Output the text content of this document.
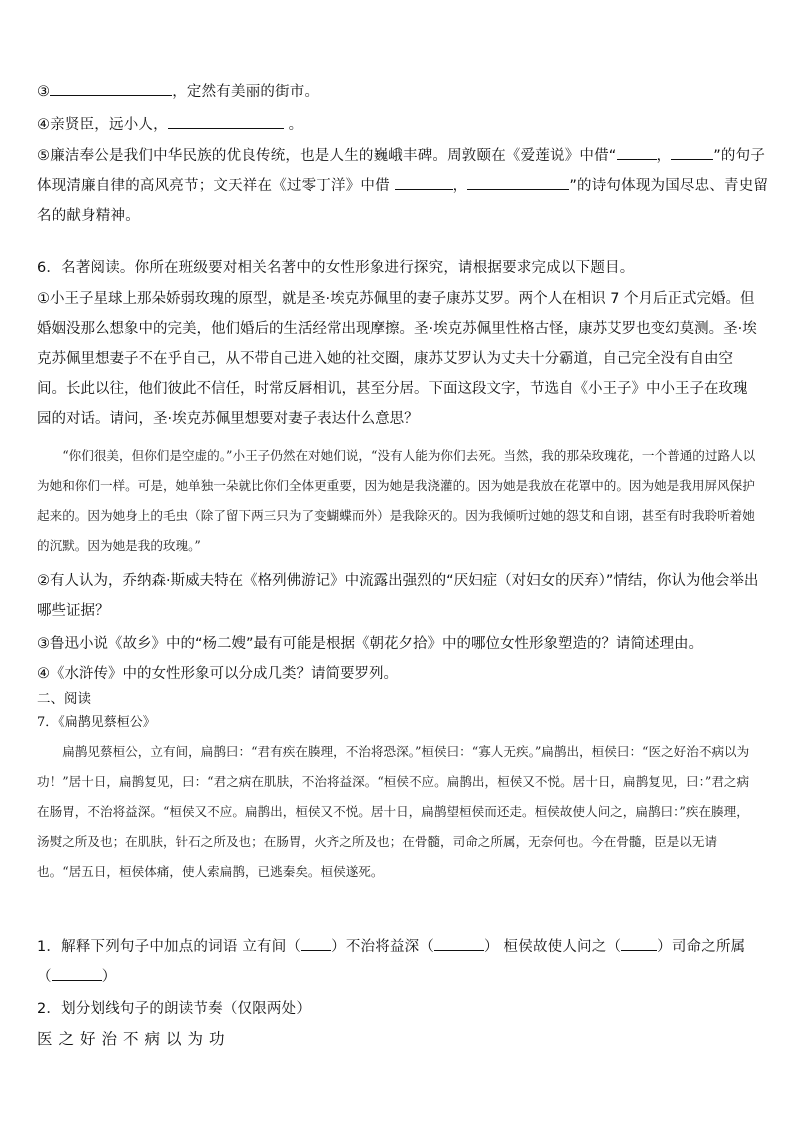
③	，定然有美丽的街市。
④亲贤臣，远小人，	。
⑤廉洁奉公是我们中华民族的优良传统，也是人生的巍峨丰碑。周敦颐在《爱莲说》中借“	，	”的句子
体现清廉自律的高风亮节；文天祥在《过零丁洋》中借	，	”的诗句体现为国尽忠、青史留
名的献身精神。
6．名著阅读。你所在班级要对相关名著中的女性形象进行探究，请根据要求完成以下题目。
①小王子星球上那朵娇弱玫瑰的原型，就是圣·埃克苏佩里的妻子康苏艾罗。两个人在相识 7 个月后正式完婚。但婚姻没那么想象中的完美，他们婚后的生活经常出现摩擦。圣·埃克苏佩里性格古怪，康苏艾罗也变幻莫测。圣·埃克苏佩里想妻子不在乎自己，从不带自己进入她的社交圈，康苏艾罗认为丈夫十分霸道，自己完全没有自由空间。长此以往，他们彼此不信任，时常反唇相讥，甚至分居。下面这段文字，节选自《小王子》中小王子在玫瑰园的对话。请问，圣·埃克苏佩里想要对妻子表达什么意思？
“你们很美，但你们是空虚的。”小王子仍然在对她们说，“没有人能为你们去死。当然，我的那朵玫瑰花，一个普通的过路人以为她和你们一样。可是，她单独一朵就比你们全体更重要，因为她是我浇灌的。因为她是我放在花罩中的。因为她是我用屏风保护起来的。因为她身上的毛虫（除了留下两三只为了变蝴蝶而外）是我除灭的。因为我倾听过她的怨艾和自诩，甚至有时我聆听着她的沉默。因为她是我的玫瑰。”
②有人认为，乔纳森·斯威夫特在《格列佛游记》中流露出强烈的“厌妇症（对妇女的厌弃）”情结，你认为他会举出哪些证据？
③鲁迅小说《故乡》中的“杨二嫂”最有可能是根据《朝花夕拾》中的哪位女性形象塑造的？请简述理由。
④《水浒传》中的女性形象可以分成几类？请简要罗列。
二、阅读
7．《扁鹊见蔡桓公》
扁鹊见蔡桓公，立有间，扁鹊曰：“君有疾在腠理，不治将恐深。”桓侯曰：“寡人无疾。”扁鹊出，桓侯曰：“医之好治不病以为功！”居十日，扁鹊复见，曰：“君之病在肌肤，不治将益深。“桓侯不应。扁鹊出，桓侯又不悦。居十日，扁鹊复见，曰：”君之病在肠胃，不治将益深。“桓侯又不应。扁鹊出，桓侯又不悦。居十日，扁鹊望桓侯而还走。桓侯故使人问之，扁鹊曰：”疾在腠理，汤熨之所及也；在肌肤，针石之所及也；在肠胃，火齐之所及也；在骨髓，司命之所属，无奈何也。今在骨髓，臣是以无请也。“居五日，桓侯体痛，使人索扁鹊，已逃秦矣。桓侯遂死。
1．解释下列句子中加点的词语 立有间（ ）不治将益深（	） 桓侯故使人问之（ ）司命之所属
（	）
2．划分划线句子的朗读节奏（仅限两处）
医之好治不病以为功
